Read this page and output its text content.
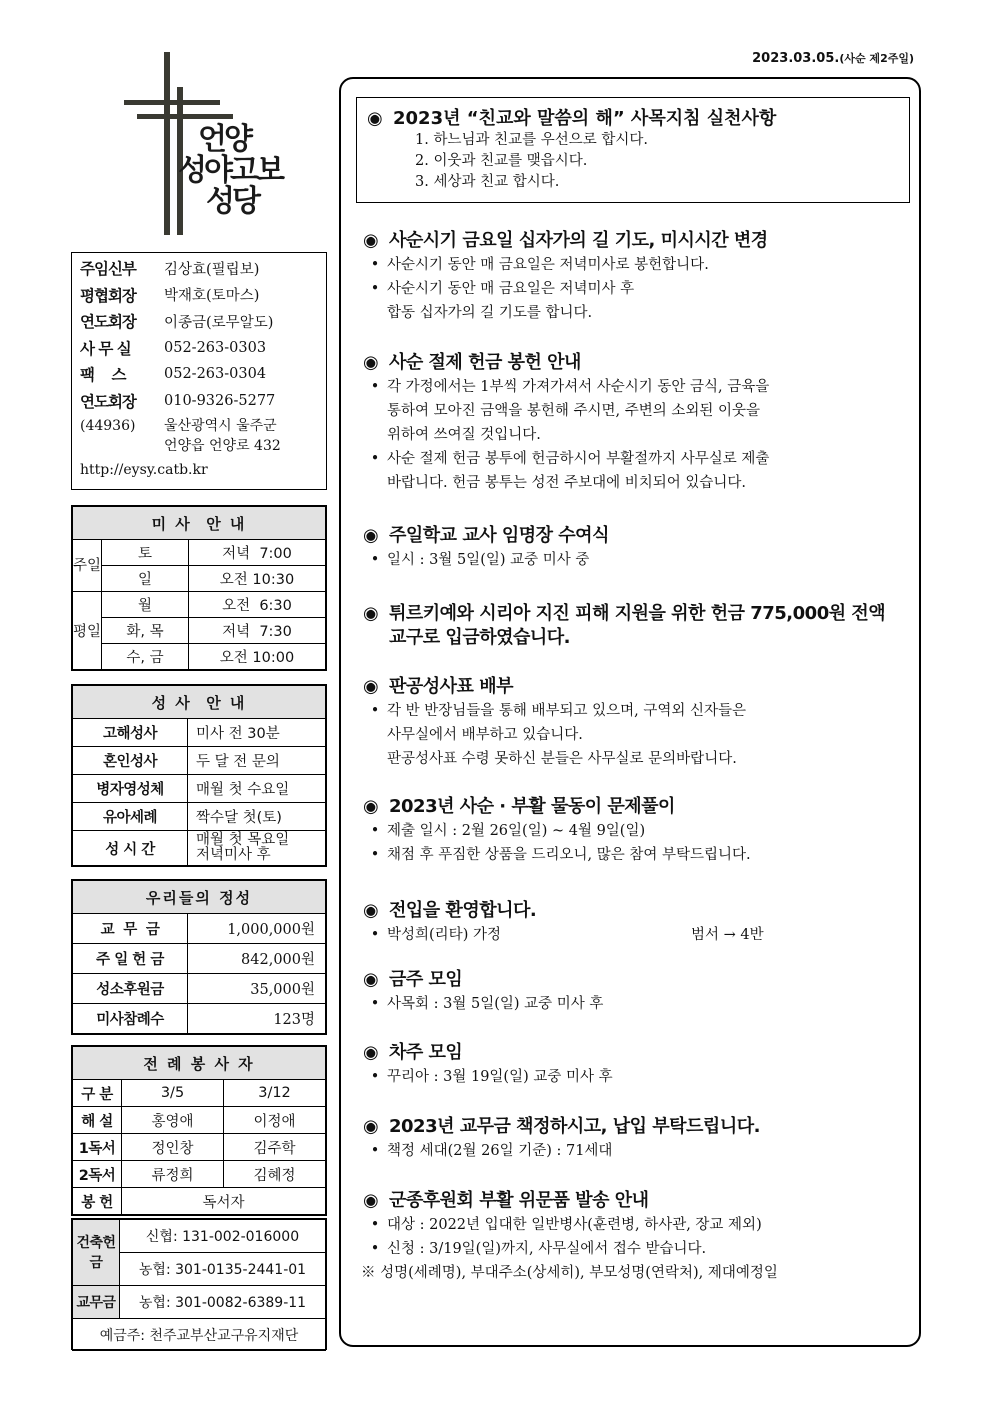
2023.03.05.(사순 제2주일)
언양
성야고보
성당
주임신부	김상효(필립보)
평협회장	박재호(토마스)
연도회장	이종금(로무알도)
사 무 실	052-263-0303
팩    스	052-263-0304
연도회장	010-9326-5277
(44936)	울산광역시 울주군
언양읍 언양로 432
http://eysy.catb.kr
미 사  안 내		
주일	토	저녁  7:00
	일	오전 10:30
평일	월	오전  6:30
	화, 목	저녁  7:30
	수, 금	오전 10:00
성 사  안 내	
고해성사	미사 전 30분
혼인성사	두 달 전 문의
병자영성체	매월 첫 수요일
유아세례	짝수달 첫(토)
성 시 간	매월 첫 목요일
저녁미사 후
우리들의 정성	
교  무  금	1,000,000원
주 일 헌 금	842,000원
성소후원금	35,000원
미사참례수	123명
전 례 봉 사 자		
구 분	3/5	3/12
해 설	홍영애	이정애
1독서	정인창	김주학
2독서	류정희	김혜정
봉 헌	독서자	
건축헌금	신협: 131-002-016000
	농협: 301-0135-2441-01
교무금	농협: 301-0082-6389-11
예금주: 천주교부산교구유지재단	
◉ 2023년 “친교와 말씀의 해” 사목지침 실천사항
1. 하느님과 친교를 우선으로 합시다.
2. 이웃과 친교를 맺읍시다.
3. 세상과 친교 합시다.
◉ 사순시기 금요일 십자가의 길 기도, 미시시간 변경
• 사순시기 동안 매 금요일은 저녁미사로 봉헌합니다.
• 사순시기 동안 매 금요일은 저녁미사 후
합동 십자가의 길 기도를 합니다.
◉ 사순 절제 헌금 봉헌 안내
• 각 가정에서는 1부씩 가져가셔서 사순시기 동안 금식, 금육을
통하여 모아진 금액을 봉헌해 주시면, 주변의 소외된 이웃을
위하여 쓰여질 것입니다.
• 사순 절제 헌금 봉투에 헌금하시어 부활절까지 사무실로 제출
바랍니다. 헌금 봉투는 성전 주보대에 비치되어 있습니다.
◉ 주일학교 교사 임명장 수여식
• 일시 : 3월 5일(일) 교중 미사 중
◉ 튀르키예와 시리아 지진 피해 지원을 위한 헌금 775,000원 전액
교구로 입금하였습니다.
◉ 판공성사표 배부
• 각 반 반장님들을 통해 배부되고 있으며, 구역외 신자들은
사무실에서 배부하고 있습니다.
판공성사표 수령 못하신 분들은 사무실로 문의바랍니다.
◉ 2023년 사순 · 부활 물동이 문제풀이
• 제출 일시 : 2월 26일(일) ~ 4월 9일(일)
• 채점 후 푸짐한 상품을 드리오니, 많은 참여 부탁드립니다.
◉ 전입을 환영합니다.
• 박성희(리타) 가정	범서 → 4반
◉ 금주 모임
• 사목회 : 3월 5일(일) 교중 미사 후
◉ 차주 모임
• 꾸리아 : 3월 19일(일) 교중 미사 후
◉ 2023년 교무금 책정하시고, 납입 부탁드립니다.
• 책정 세대(2월 26일 기준) : 71세대
◉ 군종후원회 부활 위문품 발송 안내
• 대상 : 2022년 입대한 일반병사(훈련병, 하사관, 장교 제외)
• 신청 : 3/19일(일)까지, 사무실에서 접수 받습니다.
※ 성명(세례명), 부대주소(상세히), 부모성명(연락처), 제대예정일
